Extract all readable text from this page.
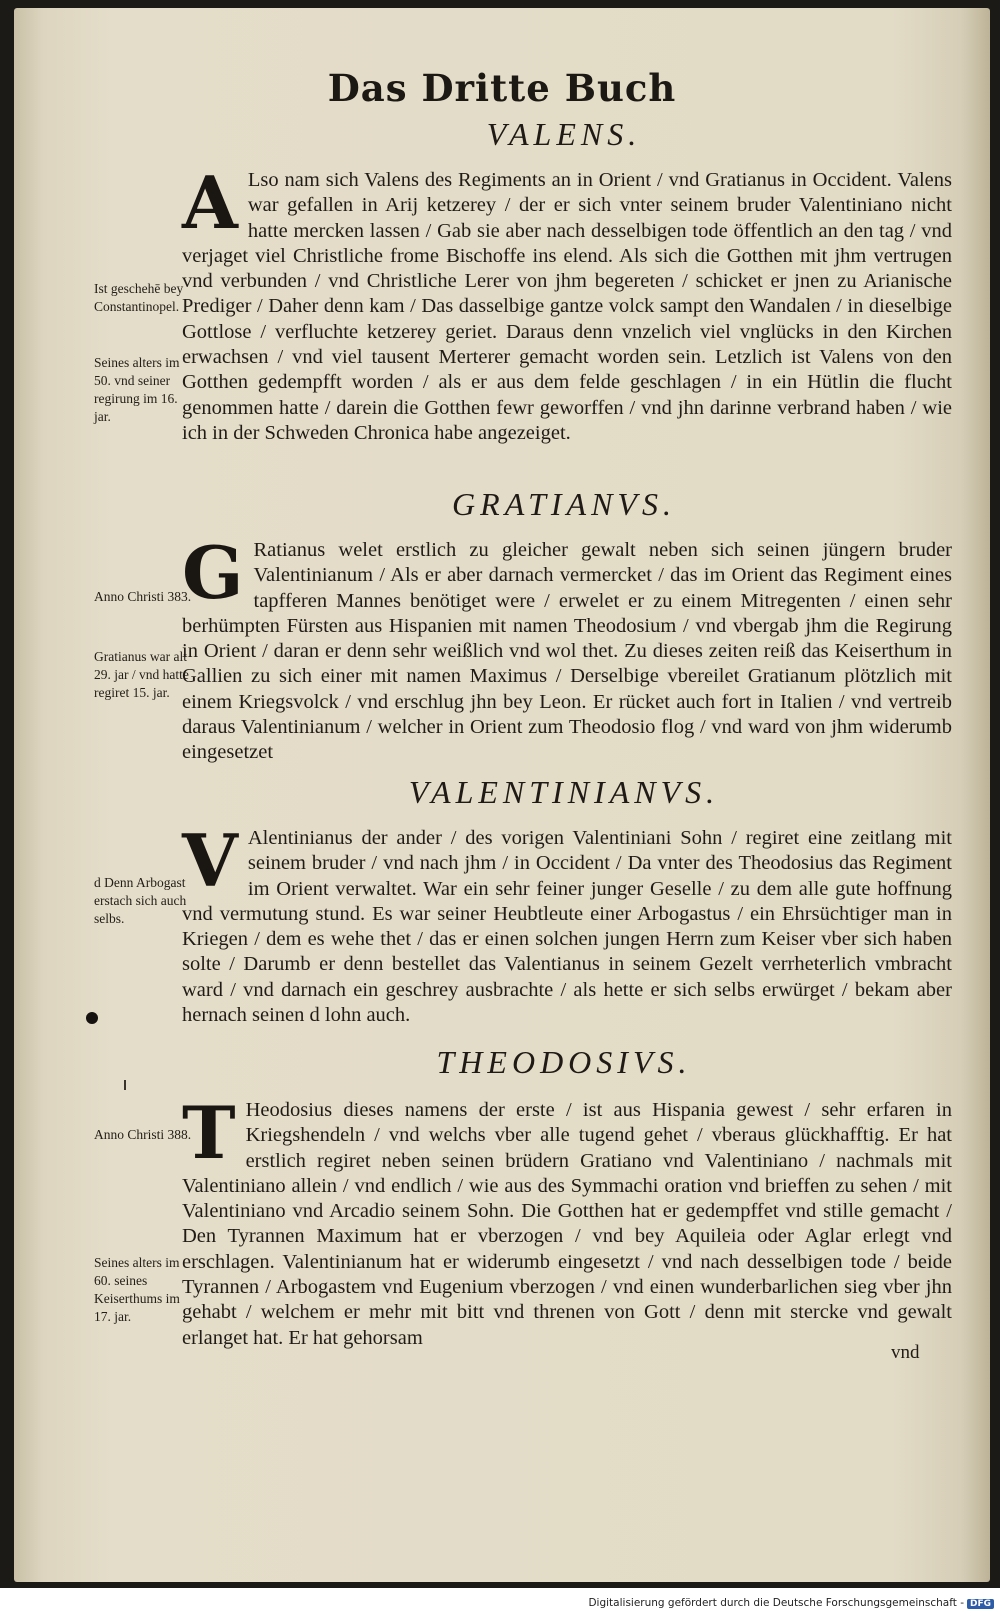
Das Dritte Buch
VALENS.
A Lso nam sich Valens des Regiments an in Orient / vnd Gratianus in Occident. Valens war gefallen in Arij ketzerey / der er sich vnter seinem bruder Valentiniano nicht hatte mercken lassen / Gab sie aber nach desselbigen tode öffentlich an den tag / vnd verjaget viel Christliche frome Bischoffe ins elend. Als sich die Gotthen mit jhm vertrugen vnd verbunden / vnd Christliche Lerer von jhm begereten / schicket er jnen zu Arianische Prediger / Daher denn kam / Das dasselbige gantze volck sampt den Wandalen / in dieselbige Gottlose / verfluchte ketzerey geriet. Daraus denn vnzelich viel vnglücks in den Kirchen erwachsen / vnd viel tausent Merterer gemacht worden sein. Letzlich ist Valens von den Gotthen gedempfft worden / als er aus dem felde geschlagen / in ein Hütlin die flucht genommen hatte / darein die Gotthen fewr geworffen / vnd jhn darinne verbrand haben / wie ich in der Schweden Chronica habe angezeiget.
GRATIANVS.
G Ratianus welet erstlich zu gleicher gewalt neben sich seinen jüngern bruder Valentinianum / Als er aber darnach vermercket / das im Orient das Regiment eines tapfferen Mannes benötiget were / erwelet er zu einem Mitregenten / einen sehr berhümpten Fürsten aus Hispanien mit namen Theodosium / vnd vbergab jhm die Regirung in Orient / daran er denn sehr weißlich vnd wol thet. Zu dieses zeiten reiß das Keiserthum in Gallien zu sich einer mit namen Maximus / Derselbige vbereilet Gratianum plötzlich mit einem Kriegsvolck / vnd erschlug jhn bey Leon. Er rücket auch fort in Italien / vnd vertreib daraus Valentinianum / welcher in Orient zum Theodosio flog / vnd ward von jhm widerumb eingesetzet
VALENTINIANVS.
V Alentinianus der ander / des vorigen Valentiniani Sohn / regiret eine zeitlang mit seinem bruder / vnd nach jhm / in Occident / Da vnter des Theodosius das Regiment im Orient verwaltet. War ein sehr feiner junger Geselle / zu dem alle gute hoffnung vnd vermutung stund. Es war seiner Heubtleute einer Arbogastus / ein Ehrsüchtiger man in Kriegen / dem es wehe thet / das er einen solchen jungen Herrn zum Keiser vber sich haben solte / Darumb er denn bestellet das Valentianus in seinem Gezelt verrheterlich vmbracht ward / vnd darnach ein geschrey ausbrachte / als hette er sich selbs erwürget / bekam aber hernach seinen d lohn auch.
THEODOSIVS.
T Heodosius dieses namens der erste / ist aus Hispania gewest / sehr erfaren in Kriegshendeln / vnd welchs vber alle tugend gehet / vberaus glückhafftig. Er hat erstlich regiret neben seinen brüdern Gratiano vnd Valentiniano / nachmals mit Valentiniano allein / vnd endlich / wie aus des Symmachi oration vnd brieffen zu sehen / mit Valentiniano vnd Arcadio seinem Sohn. Die Gotthen hat er gedempffet vnd stille gemacht / Den Tyrannen Maximum hat er vberzogen / vnd bey Aquileia oder Aglar erlegt vnd erschlagen. Valentinianum hat er widerumb eingesetzt / vnd nach desselbigen tode / beide Tyrannen / Arbogastem vnd Eugenium vberzogen / vnd einen wunderbarlichen sieg vber jhn gehabt / welchem er mehr mit bitt vnd threnen von Gott / denn mit stercke vnd gewalt erlanget hat. Er hat gehorsam
Ist geschehē bey Constantinopel.
Seines alters im 50. vnd seiner regirung im 16. jar.
Anno Christi 383.
Gratianus war alt 29. jar / vnd hatte regiret 15. jar.
d Denn Arbogast erstach sich auch selbs.
Anno Christi 388.
Seines alters im 60. seines Keiserthums im 17. jar.
vnd
Digitalisierung gefördert durch die Deutsche Forschungsgemeinschaft - DFG
